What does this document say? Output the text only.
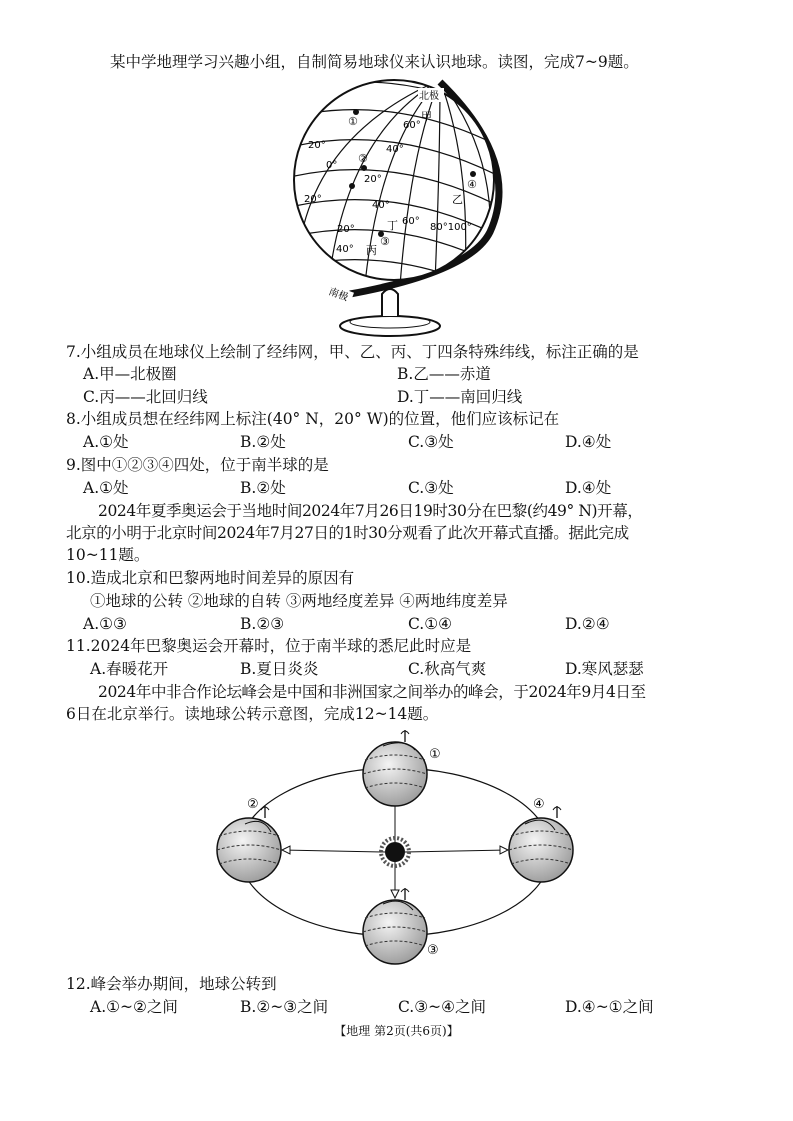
某中学地理学习兴趣小组，自制简易地球仪来认识地球。读图，完成7~9题。
北极
南极
甲
乙
丙
丁
①
②
③
④
20°
0°
20°
20°
40°
60°
40°
20°
40°
60°
80°100°
7.小组成员在地球仪上绘制了经纬网，甲、乙、丙、丁四条特殊纬线，标注正确的是
A.甲—北极圈	B.乙——赤道
C.丙——北回归线	D.丁——南回归线
8.小组成员想在经纬网上标注(40° N，20° W)的位置，他们应该标记在
A.①处	B.②处	C.③处	D.④处
9.图中①②③④四处，位于南半球的是
A.①处	B.②处	C.③处	D.④处
2024年夏季奥运会于当地时间2024年7月26日19时30分在巴黎(约49° N)开幕，
北京的小明于北京时间2024年7月27日的1时30分观看了此次开幕式直播。据此完成
10~11题。
10.造成北京和巴黎两地时间差异的原因有
①地球的公转 ②地球的自转 ③两地经度差异 ④两地纬度差异
A.①③	B.②③	C.①④	D.②④
11.2024年巴黎奥运会开幕时，位于南半球的悉尼此时应是
A.春暖花开	B.夏日炎炎	C.秋高气爽	D.寒风瑟瑟
2024年中非合作论坛峰会是中国和非洲国家之间举办的峰会，于2024年9月4日至
6日在北京举行。读地球公转示意图，完成12~14题。
①
②
③
④
12.峰会举办期间，地球公转到
A.①~②之间	B.②~③之间	C.③~④之间	D.④~①之间
【地理 第2页(共6页)】
